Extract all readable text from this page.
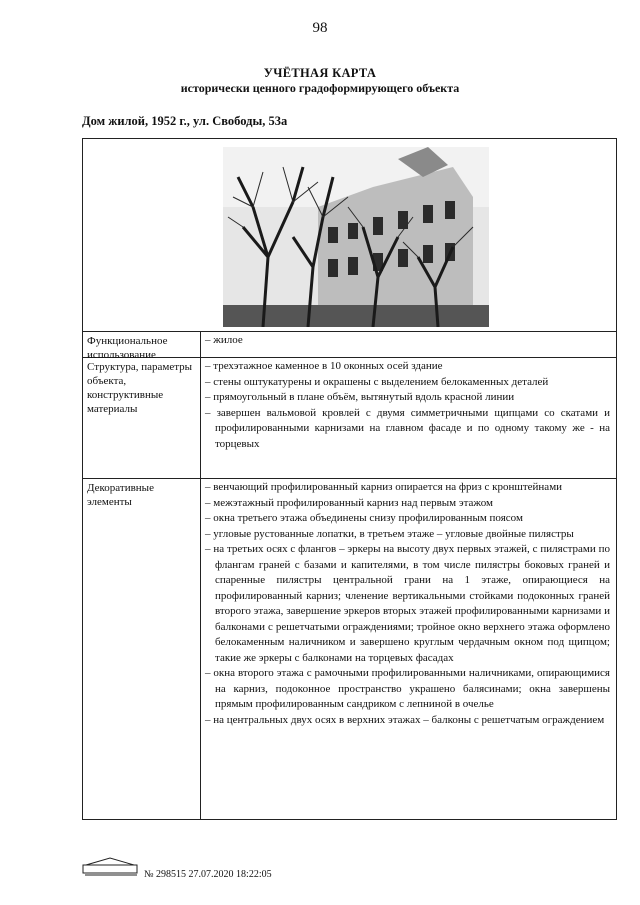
98
УЧЁТНАЯ КАРТА
исторически ценного градоформирующего объекта
Дом жилой, 1952 г., ул. Свободы, 53а
Функциональное использование

– жилое

Структура, параметры объекта, конструктивные материалы

– трехэтажное каменное в 10 оконных осей здание

– стены оштукатурены и окрашены с выделением белокаменных деталей

– прямоугольный в плане объём, вытянутый вдоль красной линии

– завершен вальмовой кровлей с двумя симметричными щипцами со скатами и профилированными карнизами на главном фасаде и по одному такому же - на торцевых

Декоративные элементы

– венчающий профилированный карниз опирается на фриз с кронштейнами

– межэтажный профилированный карниз над первым этажом

– окна третьего этажа объединены снизу профилированным поясом

– угловые рустованные лопатки, в третьем этаже – угловые двойные пилястры

– на третьих осях с флангов – эркеры на высоту двух первых этажей, с пилястрами по флангам граней с базами и капителями, в том числе пилястры боковых граней и спаренные пилястры центральной грани на 1 этаже, опирающиеся на профилированный карниз; членение вертикальными стойками подоконных граней второго этажа, завершение эркеров вторых этажей профилированными карнизами и балконами с решетчатыми ограждениями; тройное окно верхнего этажа оформлено белокаменным наличником и завершено круглым чердачным окном под щипцом; такие же эркеры с балконами на торцевых фасадах

– окна второго этажа с рамочными профилированными наличниками, опирающимися на карниз, подоконное пространство украшено балясинами; окна завершены прямым профилированным сандриком с лепниной в очелье

– на центральных двух осях в верхних этажах – балконы с решетчатым ограждением

№ 298515 27.07.2020 18:22:05
